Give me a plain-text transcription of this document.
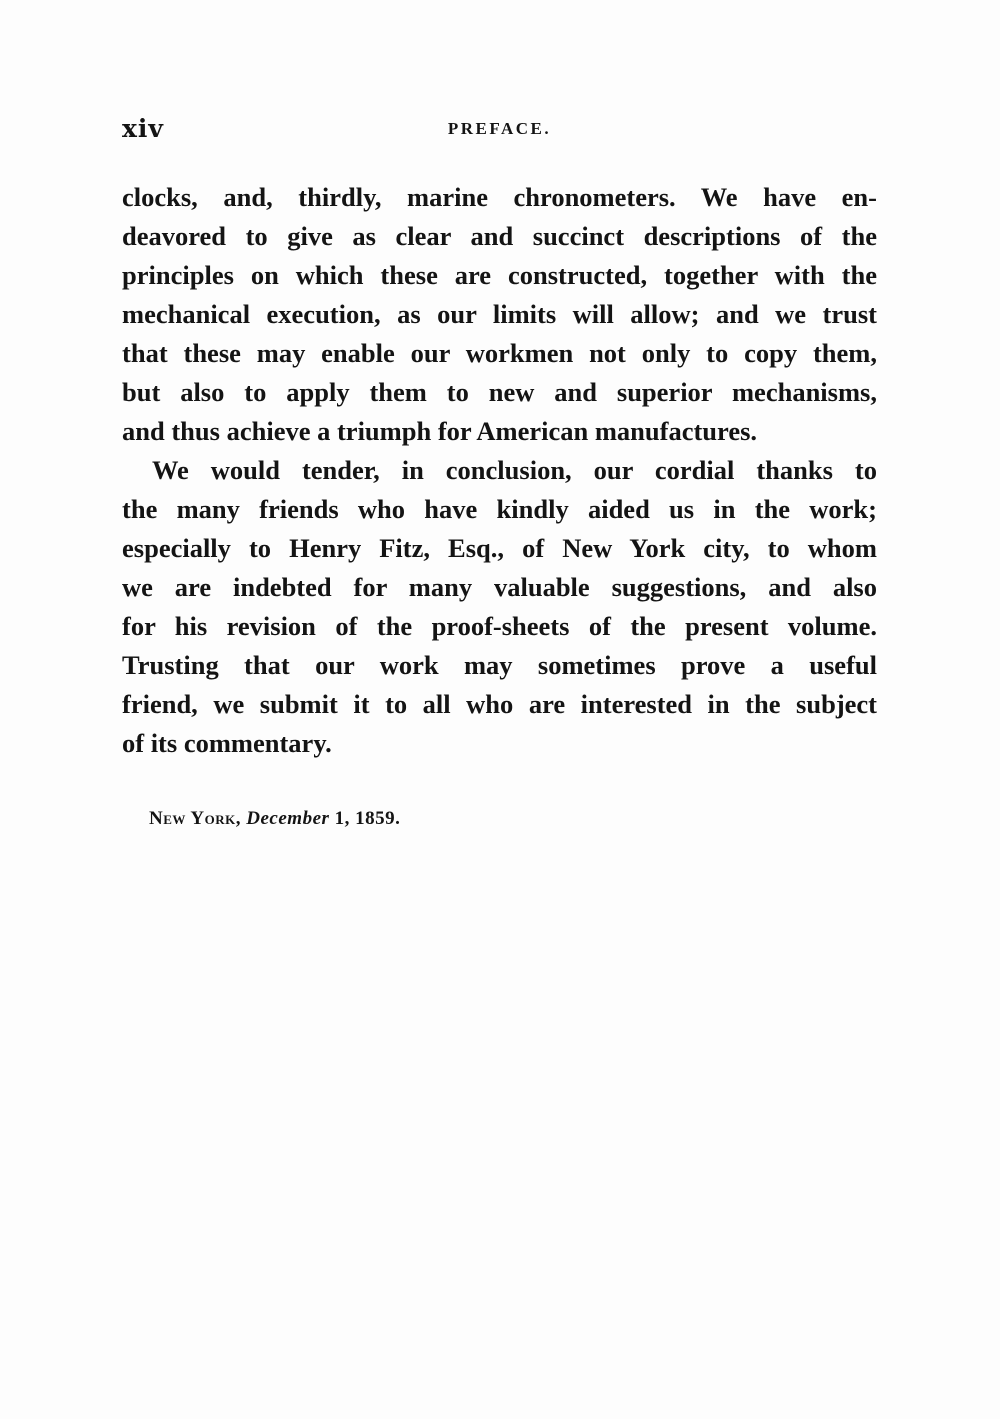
xiv	PREFACE.
clocks, and, thirdly, marine chronometers. We have en-
deavored to give as clear and succinct descriptions of the
principles on which these are constructed, together with the
mechanical execution, as our limits will allow; and we trust
that these may enable our workmen not only to copy them,
but also to apply them to new and superior mechanisms,
and thus achieve a triumph for American manufactures.
We would tender, in conclusion, our cordial thanks to
the many friends who have kindly aided us in the work;
especially to Henry Fitz, Esq., of New York city, to whom
we are indebted for many valuable suggestions, and also
for his revision of the proof-sheets of the present volume.
Trusting that our work may sometimes prove a useful
friend, we submit it to all who are interested in the subject
of its commentary.
New York, December 1, 1859.
